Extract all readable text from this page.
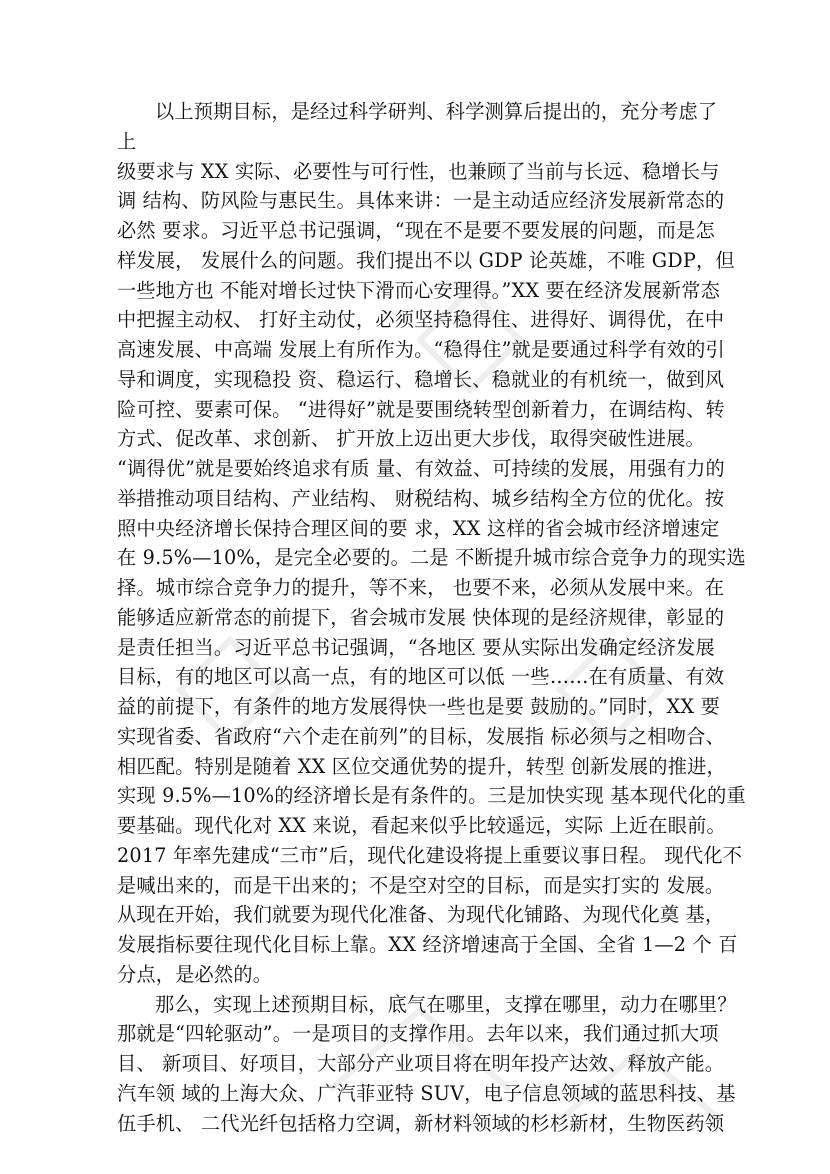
以上预期目标，是经过科学研判、科学测算后提出的，充分考虑了
上
级要求与 XX 实际、必要性与可行性，也兼顾了当前与长远、稳增长与
调 结构、防风险与惠民生。具体来讲：一是主动适应经济发展新常态的
必然 要求。习近平总书记强调，“现在不是要不要发展的问题，而是怎
样发展， 发展什么的问题。我们提出不以 GDP 论英雄，不唯 GDP，但
一些地方也 不能对增长过快下滑而心安理得。”XX 要在经济发展新常态
中把握主动权、 打好主动仗，必须坚持稳得住、进得好、调得优，在中
高速发展、中高端 发展上有所作为。“稳得住”就是要通过科学有效的引
导和调度，实现稳投 资、稳运行、稳增长、稳就业的有机统一，做到风
险可控、要素可保。 “进得好”就是要围绕转型创新着力，在调结构、转
方式、促改革、求创新、 扩开放上迈出更大步伐，取得突破性进展。
“调得优”就是要始终追求有质 量、有效益、可持续的发展，用强有力的
举措推动项目结构、产业结构、 财税结构、城乡结构全方位的优化。按
照中央经济增长保持合理区间的要 求，XX 这样的省会城市经济增速定
在 9.5%—10%，是完全必要的。二是 不断提升城市综合竞争力的现实选
择。城市综合竞争力的提升，等不来， 也要不来，必须从发展中来。在
能够适应新常态的前提下，省会城市发展 快体现的是经济规律，彰显的
是责任担当。习近平总书记强调，“各地区 要从实际出发确定经济发展
目标，有的地区可以高一点，有的地区可以低 一些……在有质量、有效
益的前提下，有条件的地方发展得快一些也是要 鼓励的。”同时，XX 要
实现省委、省政府“六个走在前列”的目标，发展指 标必须与之相吻合、
相匹配。特别是随着 XX 区位交通优势的提升，转型 创新发展的推进，
实现 9.5%—10%的经济增长是有条件的。三是加快实现 基本现代化的重
要基础。现代化对 XX 来说，看起来似乎比较遥远，实际 上近在眼前。
2017 年率先建成“三市”后，现代化建设将提上重要议事日程。 现代化不
是喊出来的，而是干出来的；不是空对空的目标，而是实打实的 发展。
从现在开始，我们就要为现代化准备、为现代化铺路、为现代化奠 基，
发展指标要往现代化目标上靠。XX 经济增速高于全国、全省 1—2 个 百
分点，是必然的。
那么，实现上述预期目标，底气在哪里，支撑在哪里，动力在哪里？
那就是“四轮驱动”。一是项目的支撑作用。去年以来，我们通过抓大项
目、 新项目、好项目，大部分产业项目将在明年投产达效、释放产能。
汽车领 域的上海大众、广汽菲亚特 SUV，电子信息领域的蓝思科技、基
伍手机、 二代光纤包括格力空调，新材料领域的杉杉新材，生物医药领
